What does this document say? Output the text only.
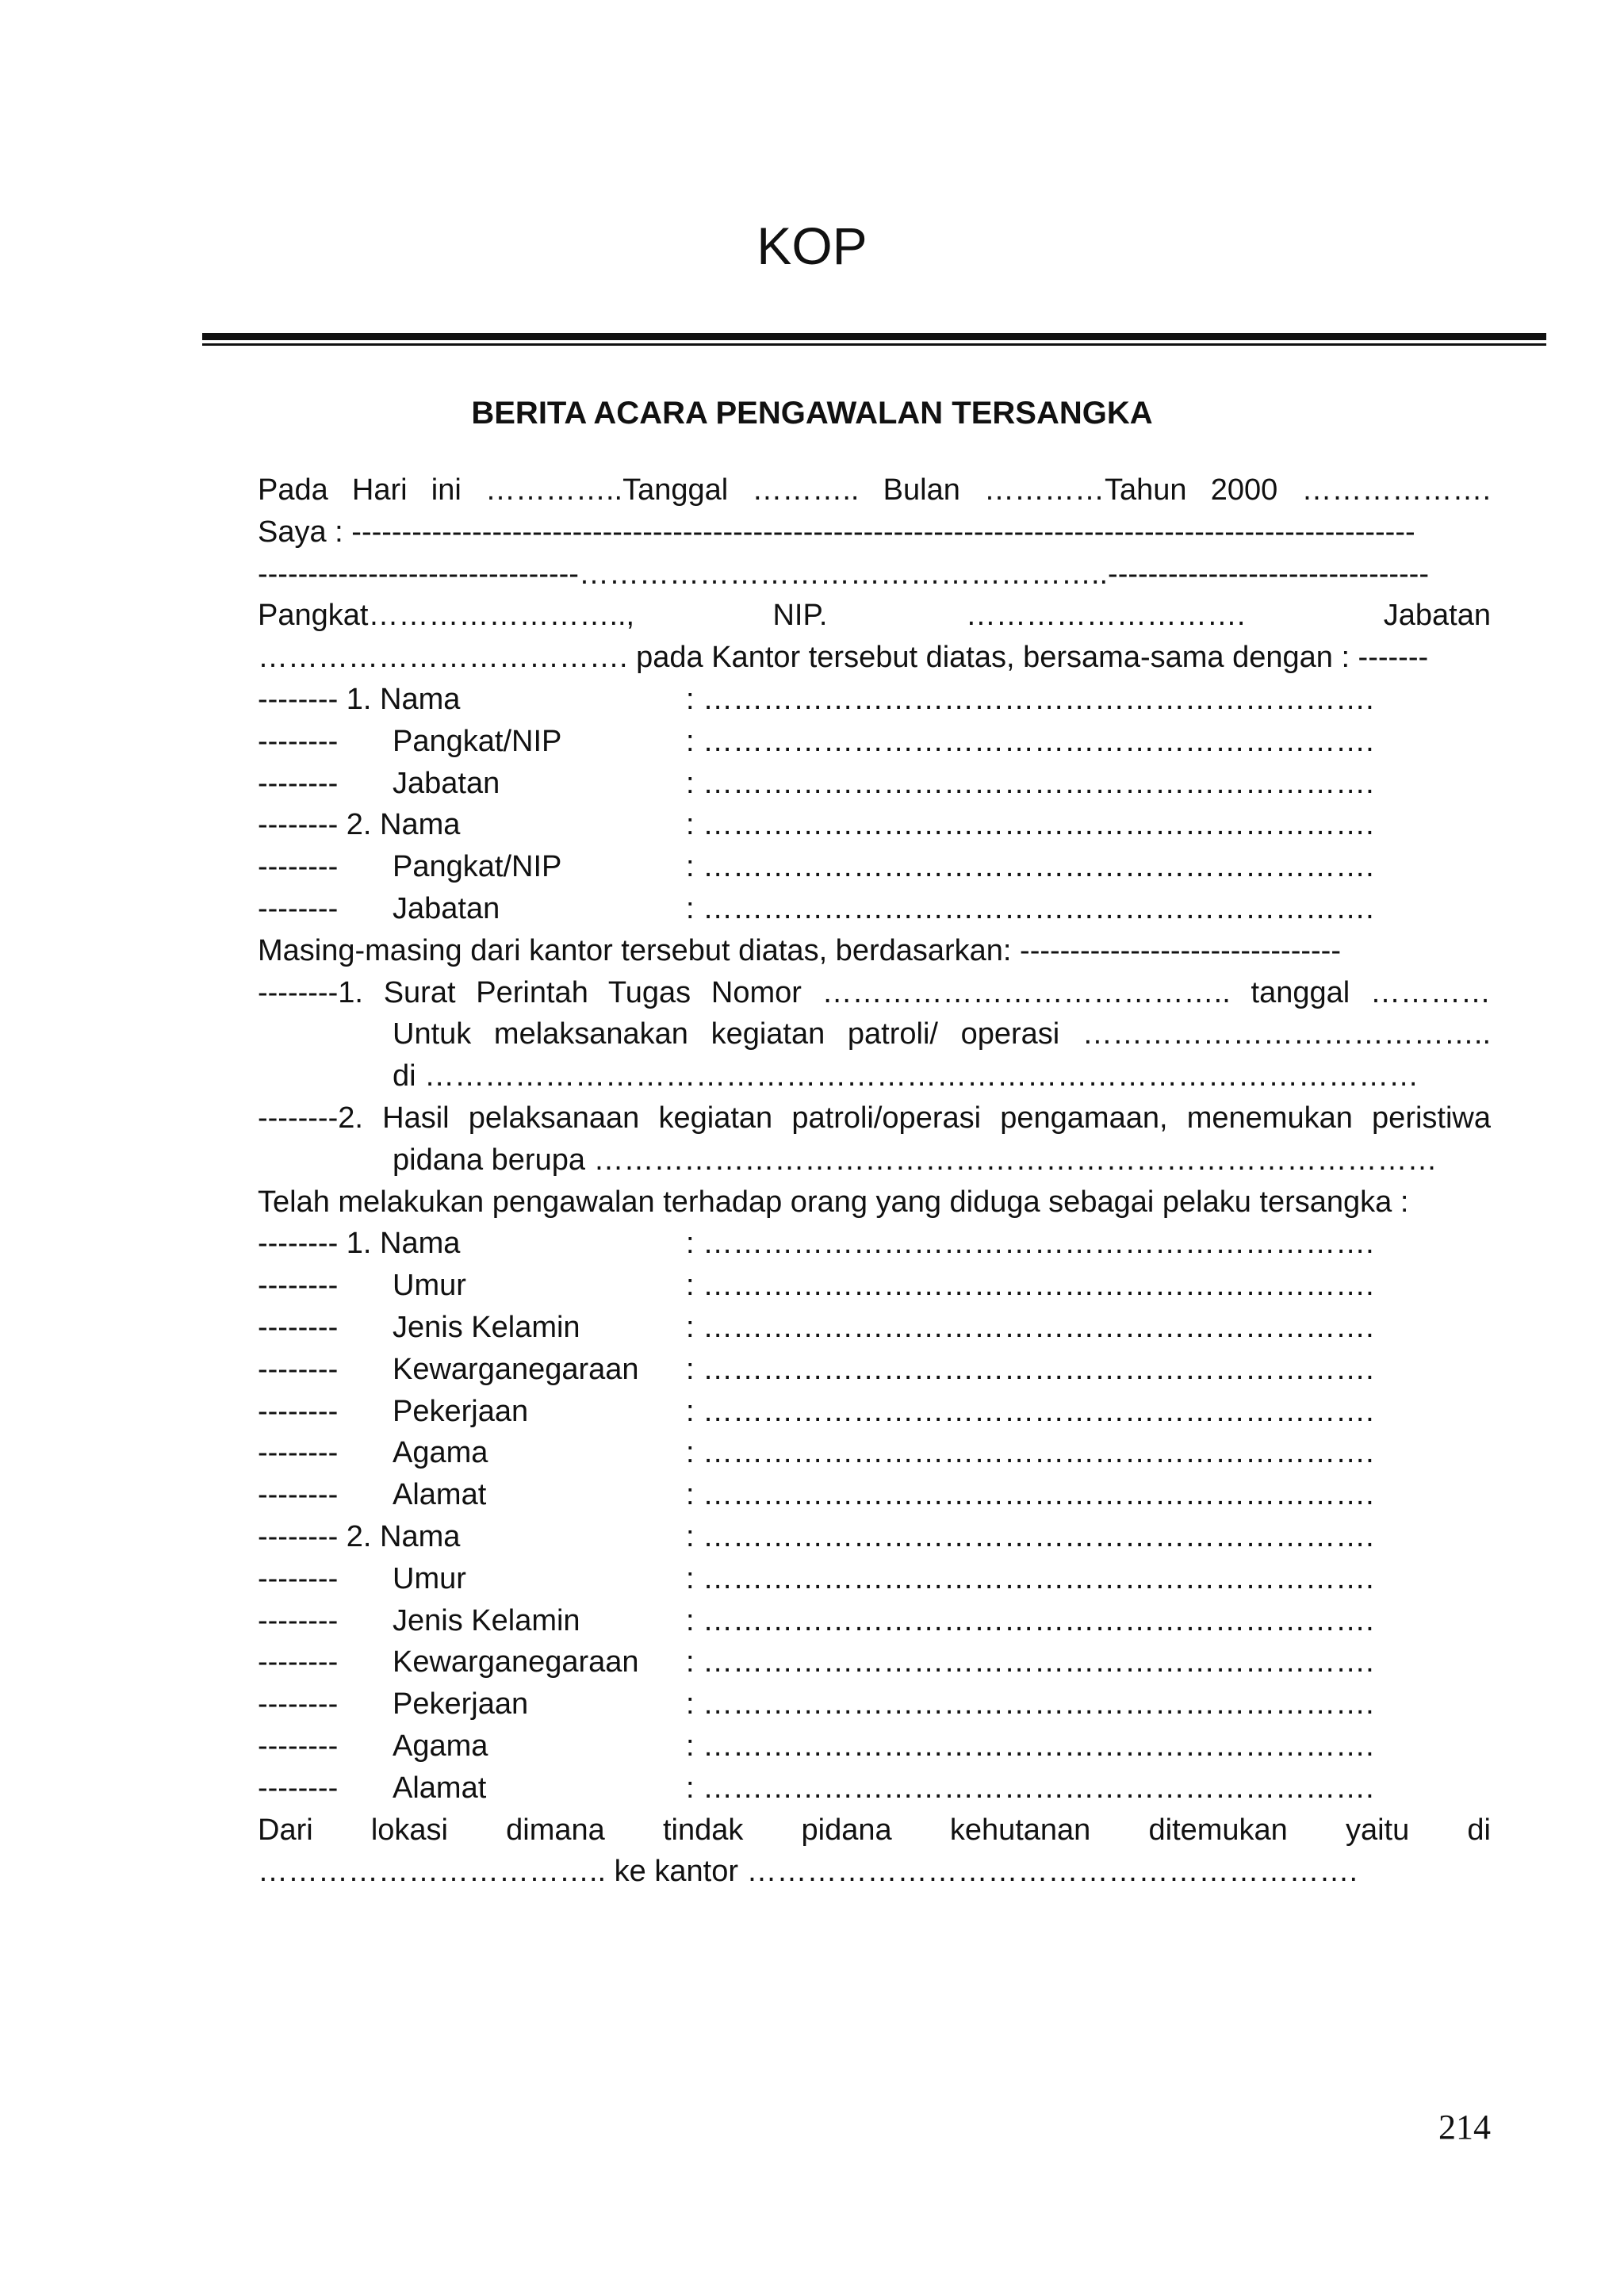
KOP
BERITA ACARA PENGAWALAN TERSANGKA
Pada Hari ini …………..Tanggal ……….. Bulan …………Tahun 2000 ……………….
Saya : ----------------------------------------------------------------------------------------------------------
--------------------------------……………………………………………..--------------------------------
Pangkat…………………….., NIP. ………………………. Jabatan
………………………………. pada Kantor tersebut diatas, bersama-sama dengan : -------
-------- 1. Nama	: ………………………………………………………….
--------	Pangkat/NIP	: ………………………………………………………….
--------	Jabatan	: ………………………………………………………….
-------- 2. Nama	: ………………………………………………………….
--------	Pangkat/NIP	: ………………………………………………………….
--------	Jabatan	: ………………………………………………………….
Masing-masing dari kantor tersebut diatas, berdasarkan: --------------------------------
--------1. Surat Perintah Tugas Nomor ………………………………….. tanggal …………
Untuk melaksanakan kegiatan patroli/ operasi …………………………………..
di ………………………………………………………………………………………
--------2. Hasil pelaksanaan kegiatan patroli/operasi pengamaan, menemukan peristiwa
pidana berupa …………………………………………………………………………
Telah melakukan pengawalan terhadap orang yang diduga sebagai pelaku tersangka :
-------- 1. Nama	: ………………………………………………………….
--------	Umur	: ………………………………………………………….
--------	Jenis Kelamin	: ………………………………………………………….
--------	Kewarganegaraan	: ………………………………………………………….
--------	Pekerjaan	: ………………………………………………………….
--------	Agama	: ………………………………………………………….
--------	Alamat	: ………………………………………………………….
-------- 2. Nama	: ………………………………………………………….
--------	Umur	: ………………………………………………………….
--------	Jenis Kelamin	: ………………………………………………………….
--------	Kewarganegaraan	: ………………………………………………………….
--------	Pekerjaan	: ………………………………………………………….
--------	Agama	: ………………………………………………………….
--------	Alamat	: ………………………………………………………….
Dari lokasi dimana tindak pidana kehutanan ditemukan yaitu di
…………………………….. ke kantor …………………………………………………….
214
